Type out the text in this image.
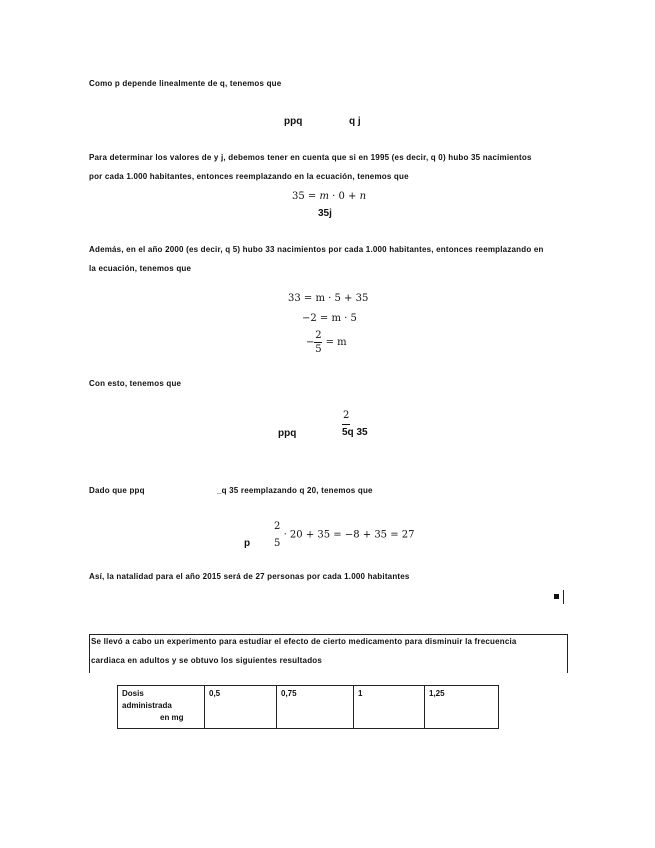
Como p depende linealmente de q, tenemos que
ppq	q j
Para determinar los valores de y j, debemos tener en cuenta que si en 1995 (es decir, q 0) hubo 35 nacimientos
por cada 1.000 habitantes, entonces reemplazando en la ecuación, tenemos que
35 = m · 0 + n
35j
Además, en el año 2000 (es decir, q 5) hubo 33 nacimientos por cada 1.000 habitantes, entonces reemplazando en
la ecuación, tenemos que
33 = m · 5 + 35
−2 = m · 5
− $\frac{2}{5} = m$
Con esto, tenemos que
2
ppq	5q 35
Dado que ppq	_q 35 reemplazando q 20, tenemos que
p
2
5
· 20 + 35 = −8 + 35 = 27
Así, la natalidad para el año 2015 será de 27 personas por cada 1.000 habitantes
Se llevó a cabo un experimento para estudiar el efecto de cierto medicamento para disminuir la frecuencia
cardiaca en adultos y se obtuvo los siguientes resultados
Dosis
administrada
en mg
	0,5	0,75	1	1,25
